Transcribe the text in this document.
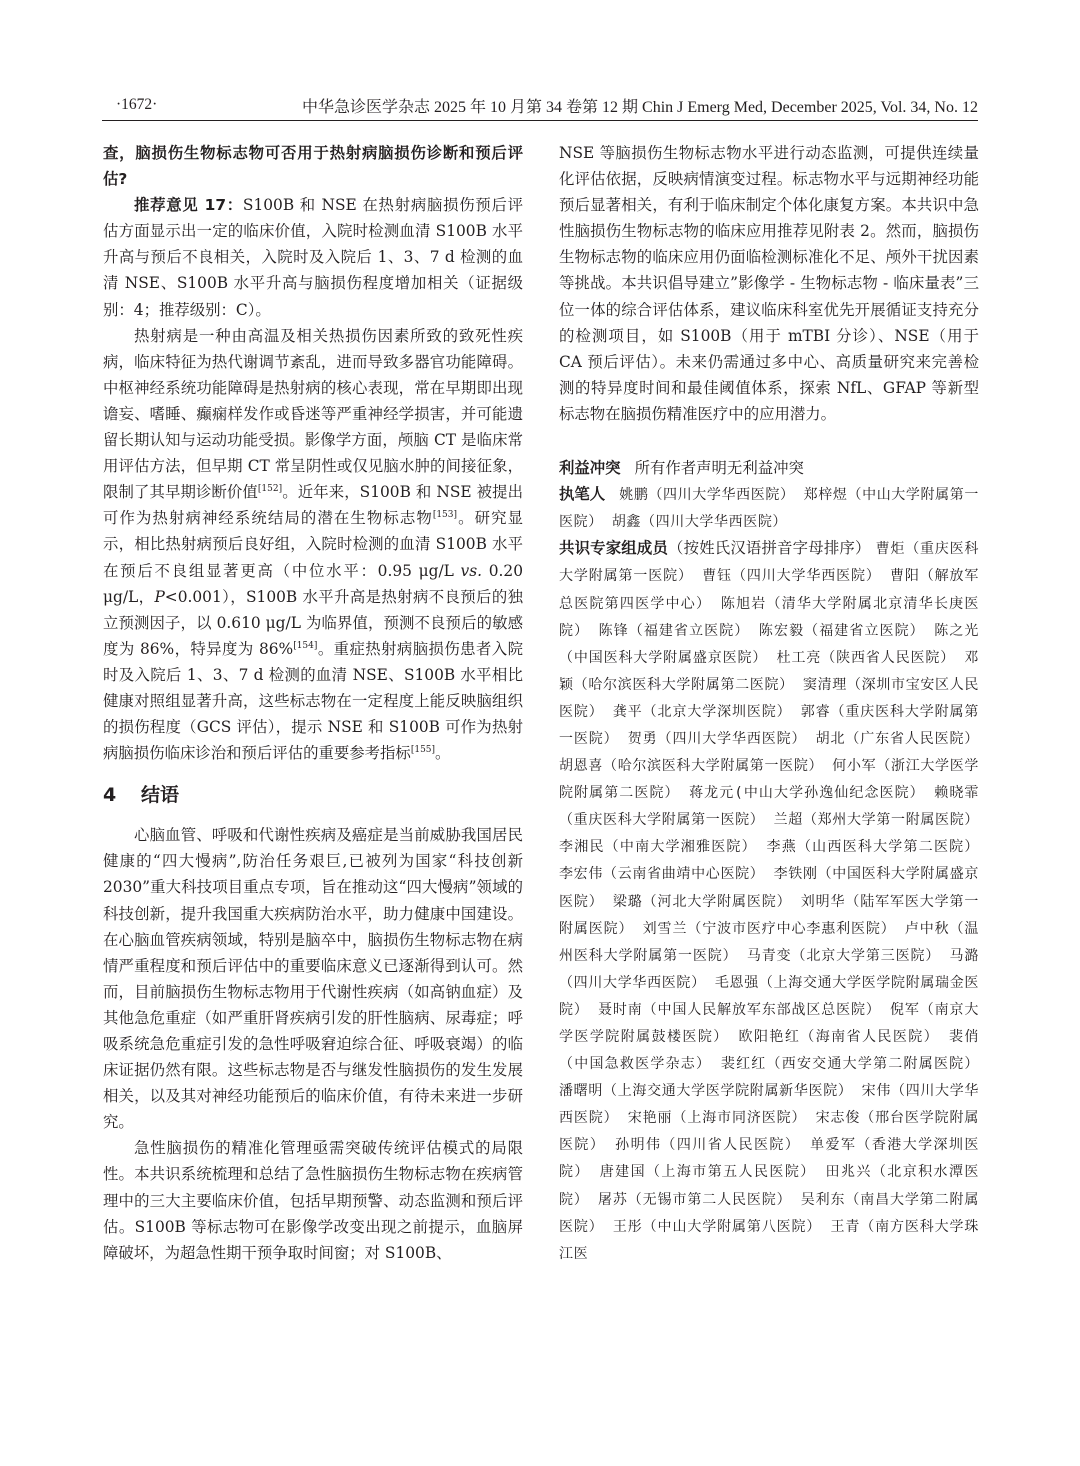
·1672·	中华急诊医学杂志 2025 年 10 月第 34 卷第 12 期 Chin J Emerg Med, December 2025, Vol. 34, No. 12

查，脑损伤生物标志物可否用于热射病脑损伤诊断和预后评估?

推荐意见 17：S100B 和 NSE 在热射病脑损伤预后评估方面显示出一定的临床价值，入院时检测血清 S100B 水平升高与预后不良相关，入院时及入院后 1、3、7 d 检测的血清 NSE、S100B 水平升高与脑损伤程度增加相关（证据级别：4；推荐级别：C）。

热射病是一种由高温及相关热损伤因素所致的致死性疾病，临床特征为热代谢调节紊乱，进而导致多器官功能障碍。中枢神经系统功能障碍是热射病的核心表现，常在早期即出现谵妄、嗜睡、癫痫样发作或昏迷等严重神经学损害，并可能遗留长期认知与运动功能受损。影像学方面，颅脑 CT 是临床常用评估方法，但早期 CT 常呈阴性或仅见脑水肿的间接征象，限制了其早期诊断价值[152]。近年来，S100B 和 NSE 被提出可作为热射病神经系统结局的潜在生物标志物[153]。研究显示，相比热射病预后良好组，入院时检测的血清 S100B 水平在预后不良组显著更高（中位水平：0.95 μg/L vs. 0.20 μg/L，P<0.001），S100B 水平升高是热射病不良预后的独立预测因子，以 0.610 μg/L 为临界值，预测不良预后的敏感度为 86%，特异度为 86%[154]。重症热射病脑损伤患者入院时及入院后 1、3、7 d 检测的血清 NSE、S100B 水平相比健康对照组显著升高，这些标志物在一定程度上能反映脑组织的损伤程度（GCS 评估），提示 NSE 和 S100B 可作为热射病脑损伤临床诊治和预后评估的重要参考指标[155]。

4 结语

心脑血管、呼吸和代谢性疾病及癌症是当前威胁我国居民健康的“四大慢病”,防治任务艰巨,已被列为国家“科技创新 2030”重大科技项目重点专项，旨在推动这“四大慢病”领域的科技创新，提升我国重大疾病防治水平，助力健康中国建设。在心脑血管疾病领域，特别是脑卒中，脑损伤生物标志物在病情严重程度和预后评估中的重要临床意义已逐渐得到认可。然而，目前脑损伤生物标志物用于代谢性疾病（如高钠血症）及其他急危重症（如严重肝肾疾病引发的肝性脑病、尿毒症；呼吸系统急危重症引发的急性呼吸窘迫综合征、呼吸衰竭）的临床证据仍然有限。这些标志物是否与继发性脑损伤的发生发展相关，以及其对神经功能预后的临床价值，有待未来进一步研究。

急性脑损伤的精准化管理亟需突破传统评估模式的局限性。本共识系统梳理和总结了急性脑损伤生物标志物在疾病管理中的三大主要临床价值，包括早期预警、动态监测和预后评估。S100B 等标志物可在影像学改变出现之前提示，血脑屏障破坏，为超急性期干预争取时间窗；对 S100B、

NSE 等脑损伤生物标志物水平进行动态监测，可提供连续量化评估依据，反映病情演变过程。标志物水平与远期神经功能预后显著相关，有利于临床制定个体化康复方案。本共识中急性脑损伤生物标志物的临床应用推荐见附表 2。然而，脑损伤生物标志物的临床应用仍面临检测标准化不足、颅外干扰因素等挑战。本共识倡导建立”影像学 - 生物标志物 - 临床量表”三位一体的综合评估体系，建议临床科室优先开展循证支持充分的检测项目，如 S100B（用于 mTBI 分诊）、NSE（用于 CA 预后评估）。未来仍需通过多中心、高质量研究来完善检测的特异度时间和最佳阈值体系，探索 NfL、GFAP 等新型标志物在脑损伤精准医疗中的应用潜力。

利益冲突 所有作者声明无利益冲突

执笔人 姚鹏（四川大学华西医院） 郑梓煜（中山大学附属第一医院） 胡鑫（四川大学华西医院）

共识专家组成员（按姓氏汉语拼音字母排序） 曹炬（重庆医科大学附属第一医院） 曹钰（四川大学华西医院） 曹阳（解放军总医院第四医学中心） 陈旭岩（清华大学附属北京清华长庚医院） 陈锋（福建省立医院） 陈宏毅（福建省立医院） 陈之光（中国医科大学附属盛京医院） 杜工亮（陕西省人民医院） 邓颖（哈尔滨医科大学附属第二医院） 窦清理（深圳市宝安区人民医院） 龚平（北京大学深圳医院） 郭睿（重庆医科大学附属第一医院） 贺勇（四川大学华西医院） 胡北（广东省人民医院） 胡恩喜（哈尔滨医科大学附属第一医院） 何小军（浙江大学医学院附属第二医院） 蒋龙元(中山大学孙逸仙纪念医院） 赖晓霏（重庆医科大学附属第一医院） 兰超（郑州大学第一附属医院） 李湘民（中南大学湘雅医院） 李燕（山西医科大学第二医院） 李宏伟（云南省曲靖中心医院） 李铁刚（中国医科大学附属盛京医院） 梁璐（河北大学附属医院） 刘明华（陆军军医大学第一附属医院） 刘雪兰（宁波市医疗中心李惠利医院） 卢中秋（温州医科大学附属第一医院） 马青变（北京大学第三医院） 马潞（四川大学华西医院） 毛恩强（上海交通大学医学院附属瑞金医院） 聂时南（中国人民解放军东部战区总医院） 倪军（南京大学医学院附属鼓楼医院） 欧阳艳红（海南省人民医院） 裴俏（中国急救医学杂志） 裴红红（西安交通大学第二附属医院） 潘曙明（上海交通大学医学院附属新华医院） 宋伟（四川大学华西医院） 宋艳丽（上海市同济医院） 宋志俊（邢台医学院附属医院） 孙明伟（四川省人民医院） 单爱军（香港大学深圳医院） 唐建国（上海市第五人民医院） 田兆兴（北京积水潭医院） 屠苏（无锡市第二人民医院） 吴利东（南昌大学第二附属医院） 王彤（中山大学附属第八医院） 王青（南方医科大学珠江医
